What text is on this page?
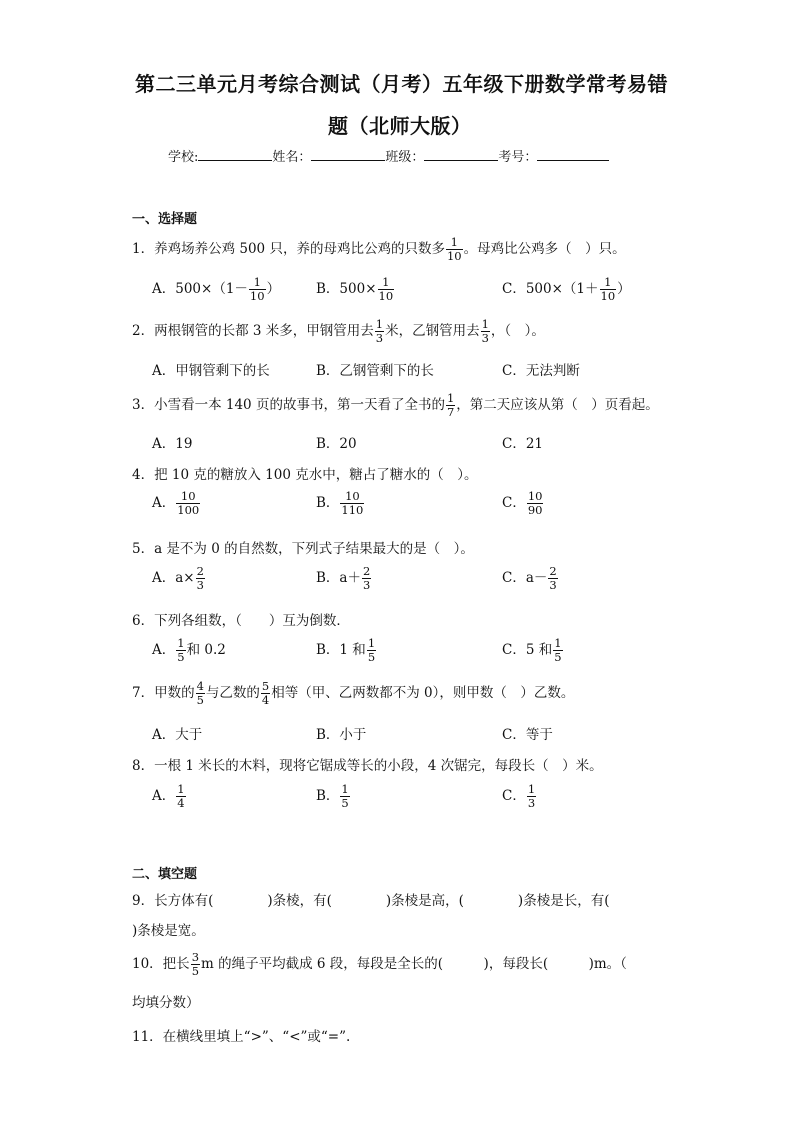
第二三单元月考综合测试（月考）五年级下册数学常考易错
题（北师大版）
学校:	姓名：	班级：	考号：
一、选择题
1．养鸡场养公鸡 500 只，养的母鸡比公鸡的只数多 $\frac{1}{10}$ 。母鸡比公鸡多（　）只。
A．$500\times(1- \frac{1}{10}$ ）	B．$500\times \frac{1}{10}$	C．$500\times(1+ \frac{1}{10}$ ）
2．两根钢管的长都 3 米多，甲钢管用去 $\frac{1}{3}$ 米，乙钢管用去 $\frac{1}{3}$ ，（　）。
A．甲钢管剩下的长	B．乙钢管剩下的长	C．无法判断
3．小雪看一本 140 页的故事书，第一天看了全书的 $\frac{1}{7}$ ，第二天应该从第（　）页看起。
A．19	B．20	C．21
4．把 10 克的糖放入 100 克水中，糖占了糖水的（　）。
A． $\frac{10}{100}$	B． $\frac{10}{110}$	C． $\frac{10}{90}$
5．a 是不为 0 的自然数，下列式子结果最大的是（　）。
A．$a\times \frac{2}{3}$	B．$a+ \frac{2}{3}$	C．$a- \frac{2}{3}$
6．下列各组数，（　　）互为倒数．
A． $\frac{1}{5}$ 和 0.2	B．1 和 $\frac{1}{5}$	C．5 和 $\frac{1}{5}$
7．甲数的 $\frac{4}{5}$ 与乙数的 $\frac{5}{4}$ 相等（甲、乙两数都不为 0），则甲数（　）乙数。
A．大于	B．小于	C．等于
8．一根 1 米长的木料，现将它锯成等长的小段，4 次锯完，每段长（　）米。
A． $\frac{1}{4}$	B． $\frac{1}{5}$	C． $\frac{1}{3}$
二、填空题
9．长方体有(　　　　)条棱，有(　　　　)条棱是高，(　　　　)条棱是长，有(
)条棱是宽。
10．把长 $\frac{3}{5}$ m 的绳子平均截成 6 段，每段是全长的(　　　)，每段长(　　　)m。（
均填分数）
11．在横线里填上“>”、“<”或“=”.
